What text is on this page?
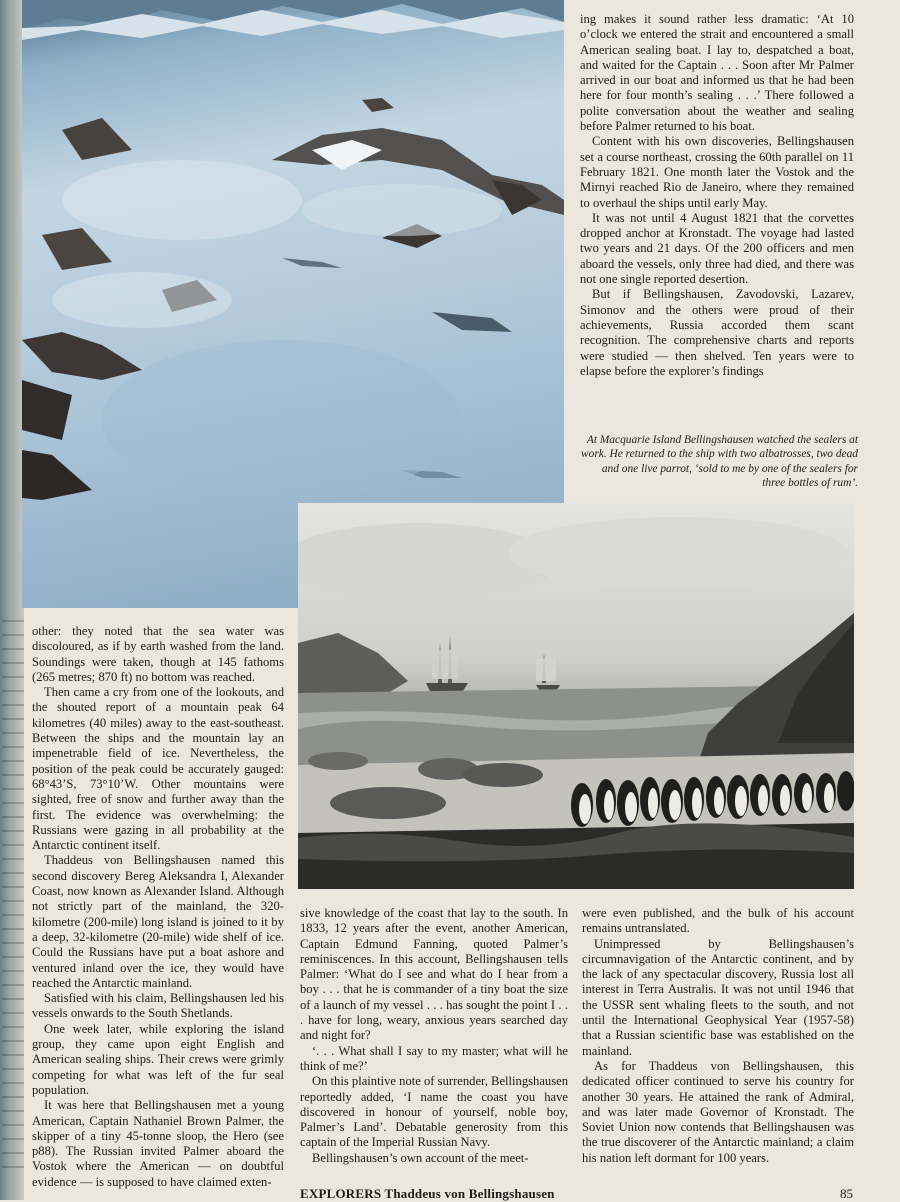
ing makes it sound rather less dramatic: ‘At 10 o’clock we entered the strait and encountered a small American sealing boat. I lay to, despatched a boat, and waited for the Captain . . . Soon after Mr Palmer arrived in our boat and informed us that he had been here for four month’s sealing . . .’ There followed a polite conversation about the weather and sealing before Palmer returned to his boat.

Content with his own discoveries, Bellingshausen set a course northeast, crossing the 60th parallel on 11 February 1821. One month later the Vostok and the Mirnyi reached Rio de Janeiro, where they remained to overhaul the ships until early May.

It was not until 4 August 1821 that the corvettes dropped anchor at Kronstadt. The voyage had lasted two years and 21 days. Of the 200 officers and men aboard the vessels, only three had died, and there was not one single reported desertion.

But if Bellingshausen, Zavodovski, Lazarev, Simonov and the others were proud of their achievements, Russia accorded them scant recognition. The comprehensive charts and reports were studied — then shelved. Ten years were to elapse before the explorer’s findings

At Macquarie Island Bellingshausen watched the sealers at work. He returned to the ship with two albatrosses, two dead and one live parrot, ‘sold to me by one of the sealers for three bottles of rum’.

other: they noted that the sea water was discoloured, as if by earth washed from the land. Soundings were taken, though at 145 fathoms (265 metres; 870 ft) no bottom was reached.

Then came a cry from one of the lookouts, and the shouted report of a mountain peak 64 kilometres (40 miles) away to the east-southeast. Between the ships and the mountain lay an impenetrable field of ice. Nevertheless, the position of the peak could be accurately gauged: 68°43’S, 73°10’W. Other mountains were sighted, free of snow and further away than the first. The evidence was overwhelming: the Russians were gazing in all probability at the Antarctic continent itself.

Thaddeus von Bellingshausen named this second discovery Bereg Aleksandra I, Alexander Coast, now known as Alexander Island. Although not strictly part of the mainland, the 320-kilometre (200-mile) long island is joined to it by a deep, 32-kilometre (20-mile) wide shelf of ice. Could the Russians have put a boat ashore and ventured inland over the ice, they would have reached the Antarctic mainland.

Satisfied with his claim, Bellingshausen led his vessels onwards to the South Shetlands.

One week later, while exploring the island group, they came upon eight English and American sealing ships. Their crews were grimly competing for what was left of the fur seal population.

It was here that Bellingshausen met a young American, Captain Nathaniel Brown Palmer, the skipper of a tiny 45-tonne sloop, the Hero (see p88). The Russian invited Palmer aboard the Vostok where the American — on doubtful evidence — is supposed to have claimed exten-

sive knowledge of the coast that lay to the south. In 1833, 12 years after the event, another American, Captain Edmund Fanning, quoted Palmer’s reminiscences. In this account, Bellingshausen tells Palmer: ‘What do I see and what do I hear from a boy . . . that he is commander of a tiny boat the size of a launch of my vessel . . . has sought the point I . . . have for long, weary, anxious years searched day and night for?

‘. . . What shall I say to my master; what will he think of me?’

On this plaintive note of surrender, Bellingshausen reportedly added, ‘I name the coast you have discovered in honour of yourself, noble boy, Palmer’s Land’. Debatable generosity from this captain of the Imperial Russian Navy.

Bellingshausen’s own account of the meet-

were even published, and the bulk of his account remains untranslated.

Unimpressed by Bellingshausen’s circumnavigation of the Antarctic continent, and by the lack of any spectacular discovery, Russia lost all interest in Terra Australis. It was not until 1946 that the USSR sent whaling fleets to the south, and not until the International Geophysical Year (1957-58) that a Russian scientific base was established on the mainland.

As for Thaddeus von Bellingshausen, this dedicated officer continued to serve his country for another 30 years. He attained the rank of Admiral, and was later made Governor of Kronstadt. The Soviet Union now contends that Bellingshausen was the true discoverer of the Antarctic mainland; a claim his nation left dormant for 100 years.

EXPLORERS Thaddeus von Bellingshausen	85
